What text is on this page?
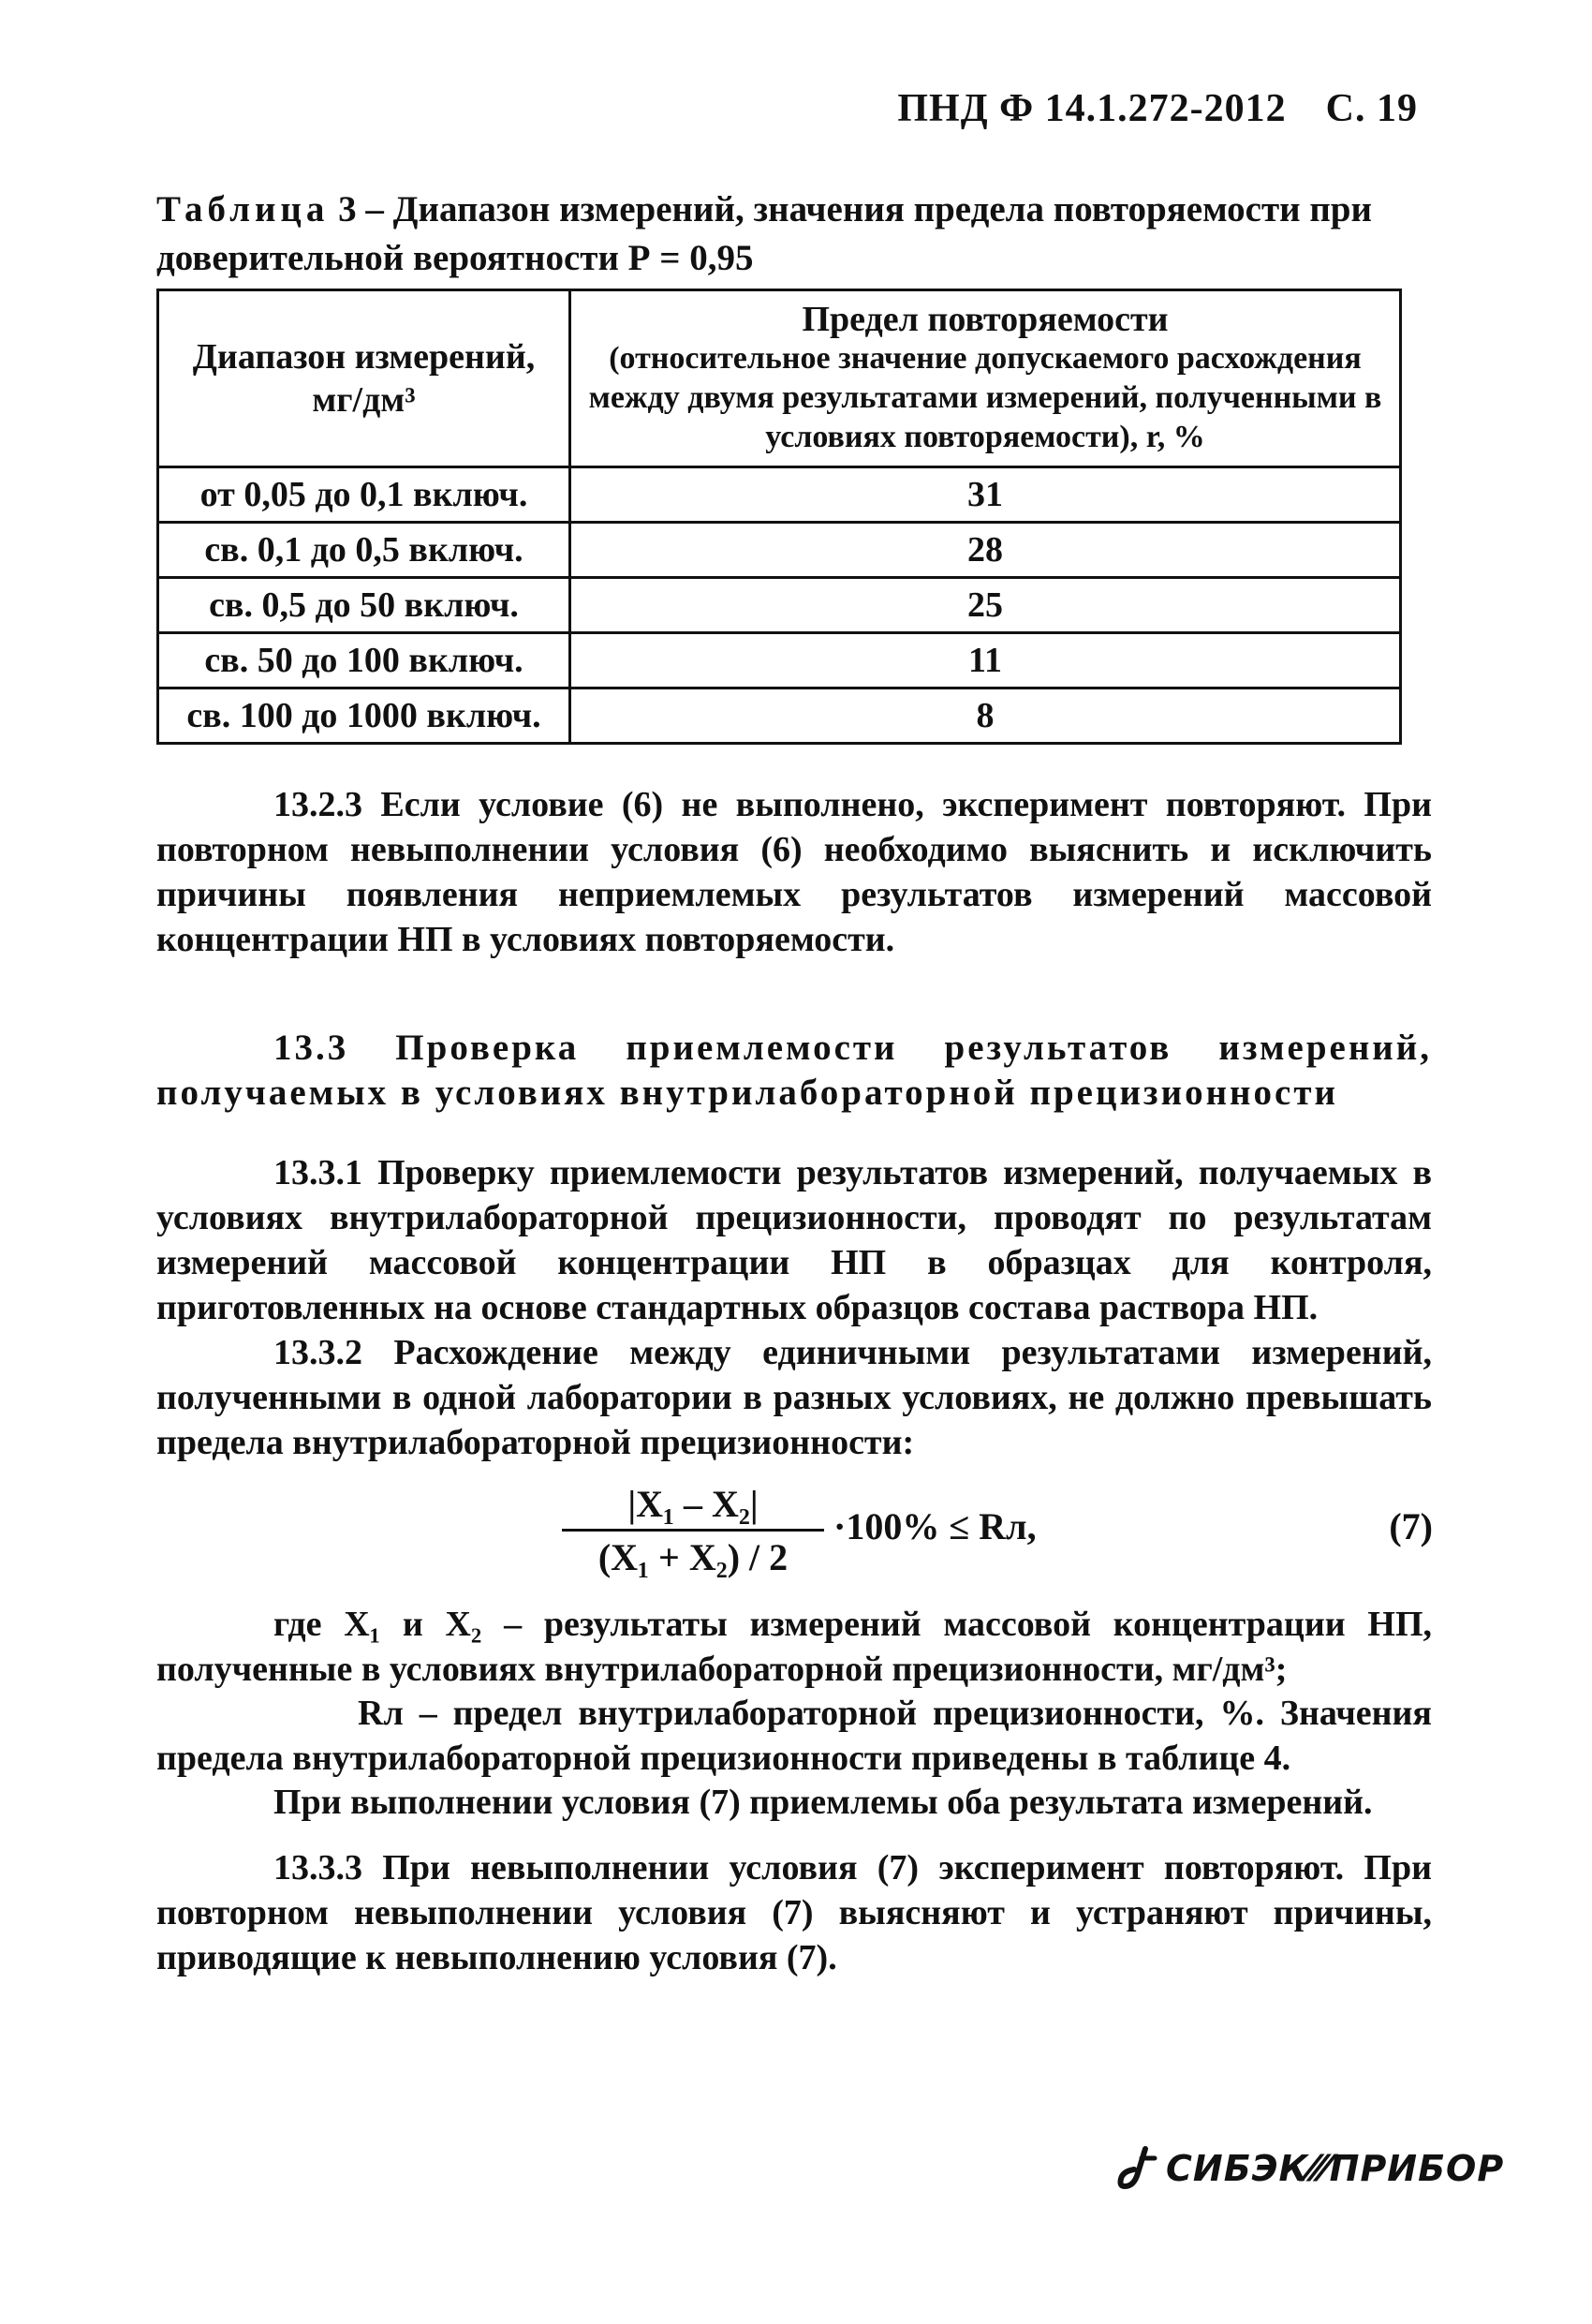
ПНД Ф 14.1.272-2012 С. 19
Таблица 3 – Диапазон измерений, значения предела повторяемости при доверительной вероятности Р = 0,95
Диапазон измерений, мг/дм³	Предел повторяемости
(относительное значение допускаемого расхождения между двумя результатами измерений, полученными в условиях повторяемости), r, %
от 0,05 до 0,1 включ.	31
св. 0,1 до 0,5 включ.	28
св. 0,5 до 50 включ.	25
св. 50 до 100 включ.	11
св. 100 до 1000 включ.	8
13.2.3 Если условие (6) не выполнено, эксперимент повторяют. При повторном невыполнении условия (6) необходимо выяснить и исключить причины появления неприемлемых результатов измерений массовой концентрации НП в условиях повторяемости.
13.3 Проверка приемлемости результатов измерений, получаемых в условиях внутрилабораторной прецизионности
13.3.1 Проверку приемлемости результатов измерений, получаемых в условиях внутрилабораторной прецизионности, проводят по результатам измерений массовой концентрации НП в образцах для контроля, приготовленных на основе стандартных образцов состава раствора НП.
13.3.2 Расхождение между единичными результатами измерений, полученными в одной лаборатории в разных условиях, не должно превышать предела внутрилабораторной прецизионности:
$\frac{\text{|X₁ – X₂|}}{\text{(X₁ + X₂) / 2}} \cdot 100\%$ ≤ Rл,	(7)
где X₁ и X₂ – результаты измерений массовой концентрации НП, полученные в условиях внутрилабораторной прецизионности, мг/дм³;
Rл – предел внутрилабораторной прецизионности, %. Значения предела внутрилабораторной прецизионности приведены в таблице 4.
При выполнении условия (7) приемлемы оба результата измерений.
13.3.3 При невыполнении условия (7) эксперимент повторяют. При повторном невыполнении условия (7) выясняют и устраняют причины, приводящие к невыполнению условия (7).
СИБЭК⁄⁄⁄ПРИБОР
